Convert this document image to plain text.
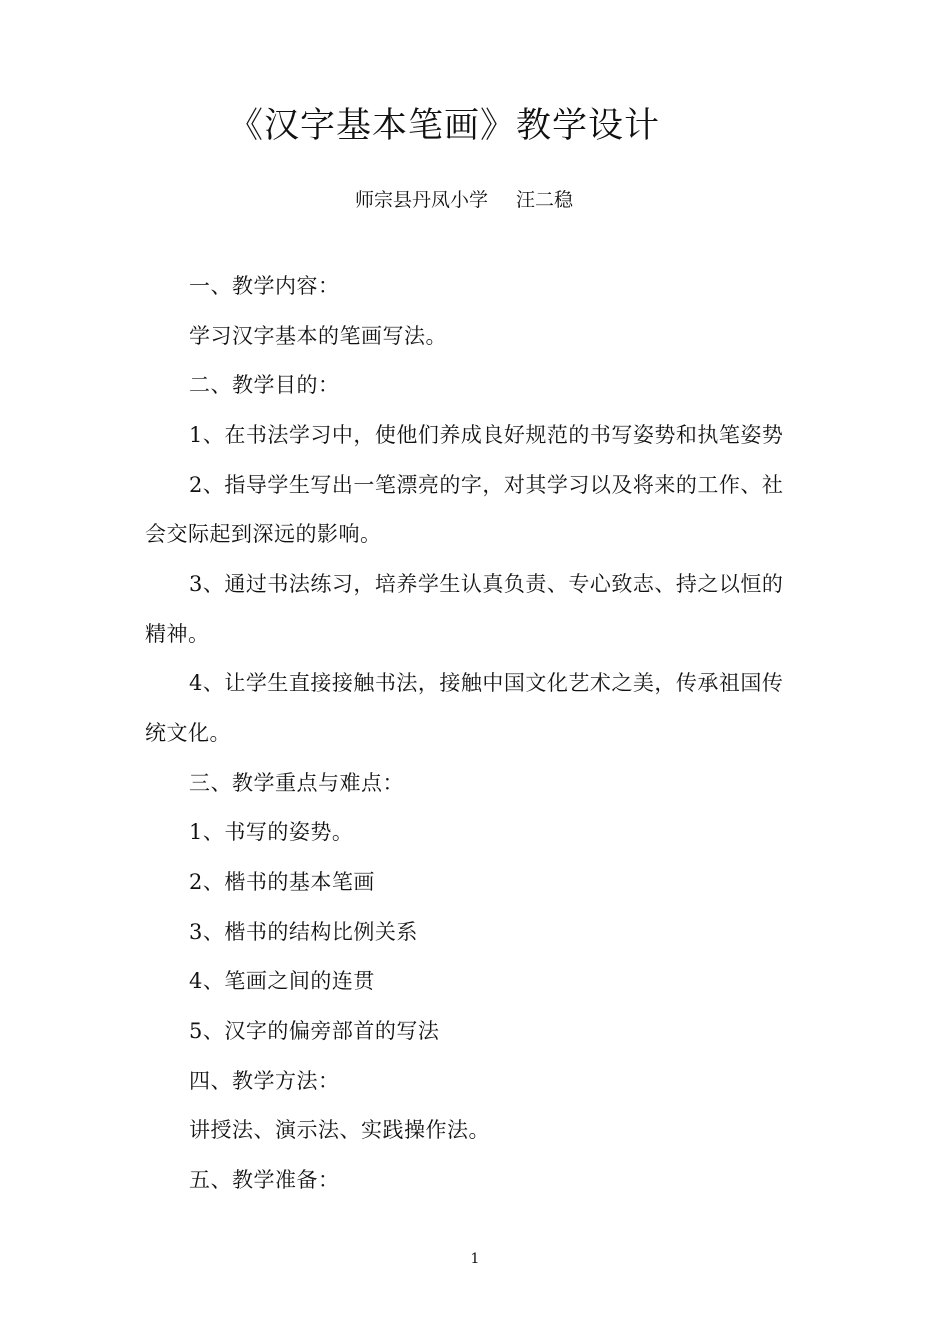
《汉字基本笔画》教学设计
师宗县丹凤小学 汪二稳
一、教学内容：
学习汉字基本的笔画写法。
二、教学目的：
1、在书法学习中，使他们养成良好规范的书写姿势和执笔姿势
2、指导学生写出一笔漂亮的字，对其学习以及将来的工作、社
会交际起到深远的影响。
3、通过书法练习，培养学生认真负责、专心致志、持之以恒的
精神。
4、让学生直接接触书法，接触中国文化艺术之美，传承祖国传
统文化。
三、教学重点与难点：
1、书写的姿势。
2、楷书的基本笔画
3、楷书的结构比例关系
4、笔画之间的连贯
5、汉字的偏旁部首的写法
四、教学方法：
讲授法、演示法、实践操作法。
五、教学准备：
1
